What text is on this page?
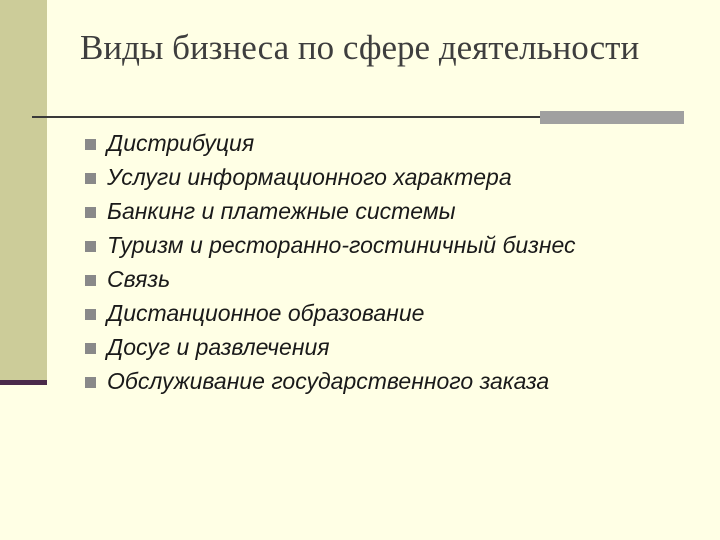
Виды бизнеса по сфере деятельности
Дистрибуция
Услуги информационного характера
Банкинг и платежные системы
Туризм и ресторанно-гостиничный бизнес
Связь
Дистанционное образование
Досуг и развлечения
Обслуживание государственного заказа
